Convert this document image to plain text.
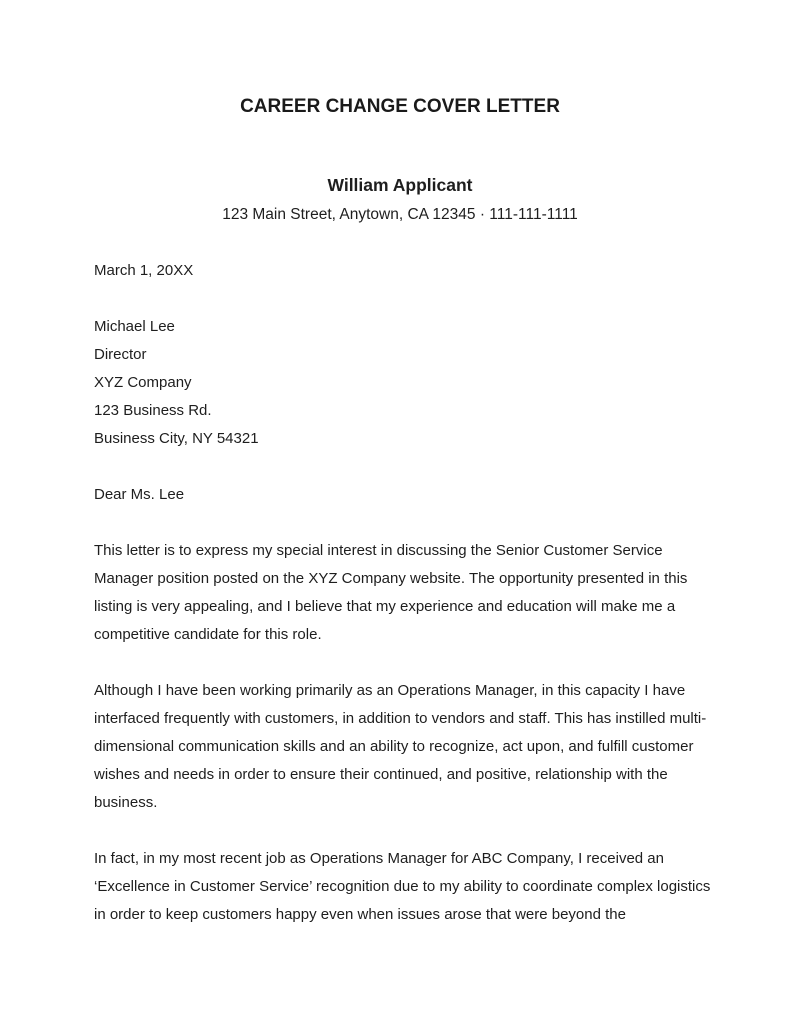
CAREER CHANGE COVER LETTER
William Applicant
123 Main Street, Anytown, CA 12345 · 111-111-1111
March 1, 20XX
Michael Lee
Director
XYZ Company
123 Business Rd.
Business City, NY 54321
Dear Ms. Lee

This letter is to express my special interest in discussing the Senior Customer Service Manager position posted on the XYZ Company website. The opportunity presented in this listing is very appealing, and I believe that my experience and education will make me a competitive candidate for this role.

Although I have been working primarily as an Operations Manager, in this capacity I have interfaced frequently with customers, in addition to vendors and staff. This has instilled multi-dimensional communication skills and an ability to recognize, act upon, and fulfill customer wishes and needs in order to ensure their continued, and positive, relationship with the business.

In fact, in my most recent job as Operations Manager for ABC Company, I received an ‘Excellence in Customer Service’ recognition due to my ability to coordinate complex logistics in order to keep customers happy even when issues arose that were beyond the
